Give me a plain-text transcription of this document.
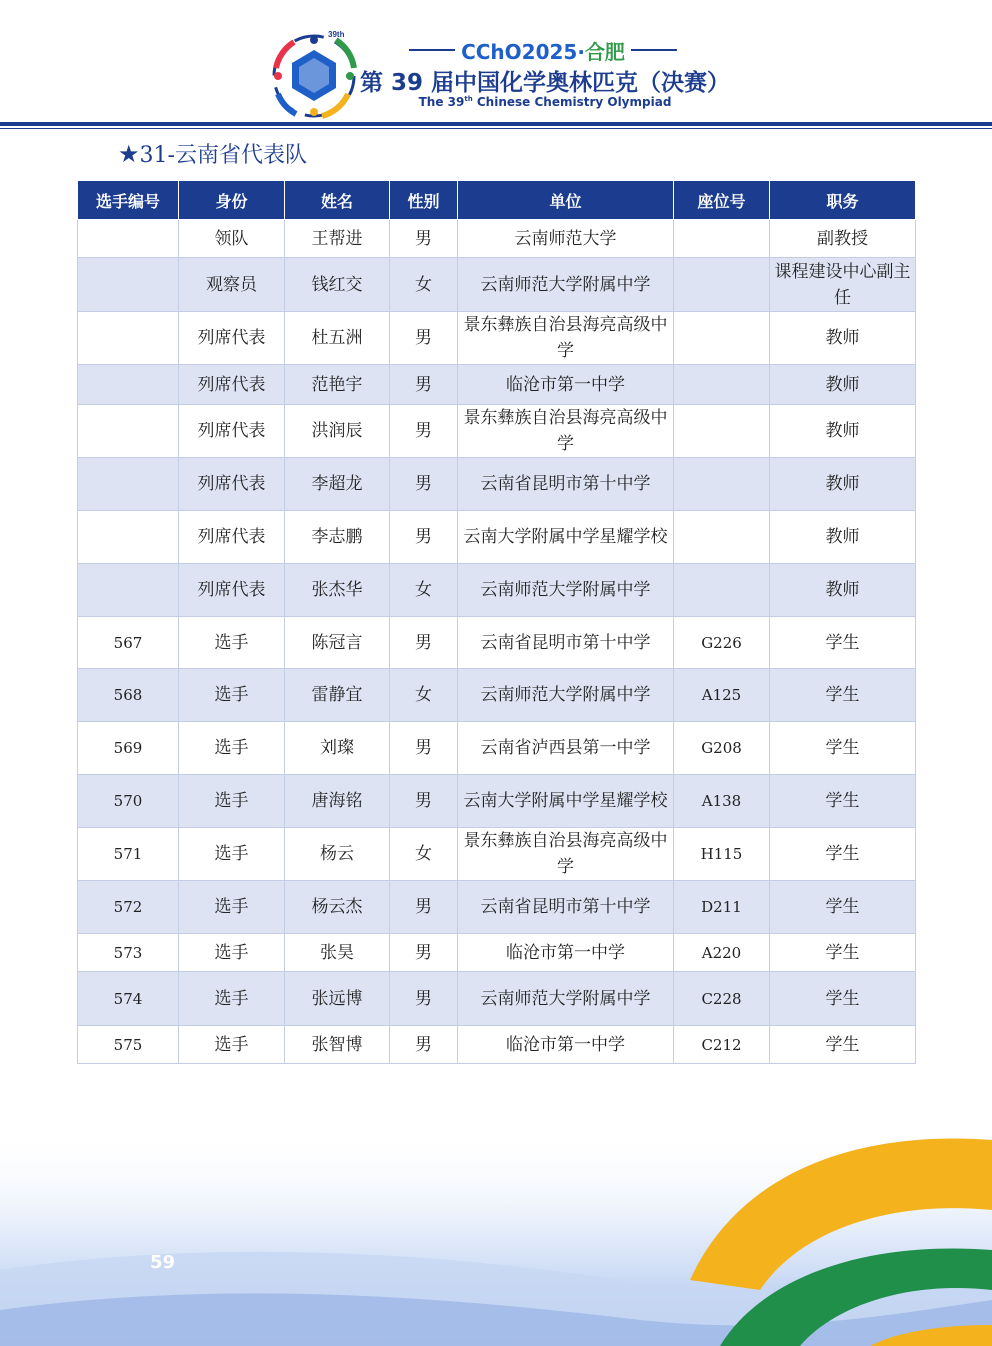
39th
CChO2025·合肥
第 39 届中国化学奥林匹克（决赛）
The 39th Chinese Chemistry Olympiad
★31-云南省代表队
选手编号	身份	姓名	性别	单位	座位号	职务
	领队	王帮进	男	云南师范大学		副教授
	观察员	钱红交	女	云南师范大学附属中学		课程建设中心副主任
	列席代表	杜五洲	男	景东彝族自治县海亮高级中学		教师
	列席代表	范艳宇	男	临沧市第一中学		教师
	列席代表	洪润辰	男	景东彝族自治县海亮高级中学		教师
	列席代表	李超龙	男	云南省昆明市第十中学		教师
	列席代表	李志鹏	男	云南大学附属中学星耀学校		教师
	列席代表	张杰华	女	云南师范大学附属中学		教师
567	选手	陈冠言	男	云南省昆明市第十中学	G226	学生
568	选手	雷静宜	女	云南师范大学附属中学	A125	学生
569	选手	刘璨	男	云南省泸西县第一中学	G208	学生
570	选手	唐海铭	男	云南大学附属中学星耀学校	A138	学生
571	选手	杨云	女	景东彝族自治县海亮高级中学	H115	学生
572	选手	杨云杰	男	云南省昆明市第十中学	D211	学生
573	选手	张昊	男	临沧市第一中学	A220	学生
574	选手	张远博	男	云南师范大学附属中学	C228	学生
575	选手	张智博	男	临沧市第一中学	C212	学生
59
